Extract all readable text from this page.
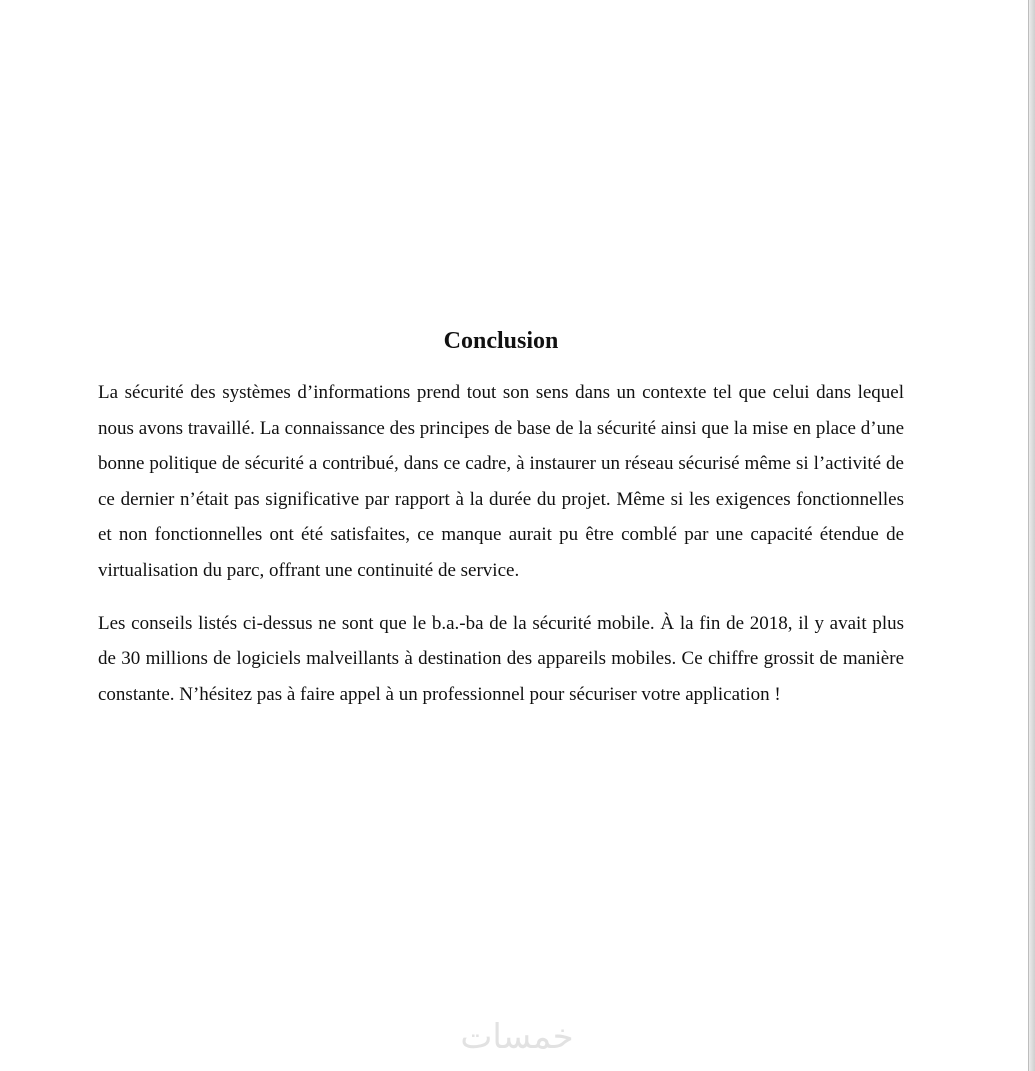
Conclusion

La sécurité des systèmes d’informations prend tout son sens dans un contexte tel que celui dans lequel nous avons travaillé. La connaissance des principes de base de la sécurité ainsi que la mise en place d’une bonne politique de sécurité a contribué, dans ce cadre, à instaurer un réseau sécurisé même si l’activité de ce dernier n’était pas significative par rapport à la durée du projet. Même si les exigences fonctionnelles et non fonctionnelles ont été satisfaites, ce manque aurait pu être comblé par une capacité étendue de virtualisation du parc, offrant une continuité de service.

Les conseils listés ci-dessus ne sont que le b.a.-ba de la sécurité mobile. À la fin de 2018, il y avait plus de 30 millions de logiciels malveillants à destination des appareils mobiles. Ce chiffre grossit de manière constante. N’hésitez pas à faire appel à un professionnel pour sécuriser votre application !

خمسات
